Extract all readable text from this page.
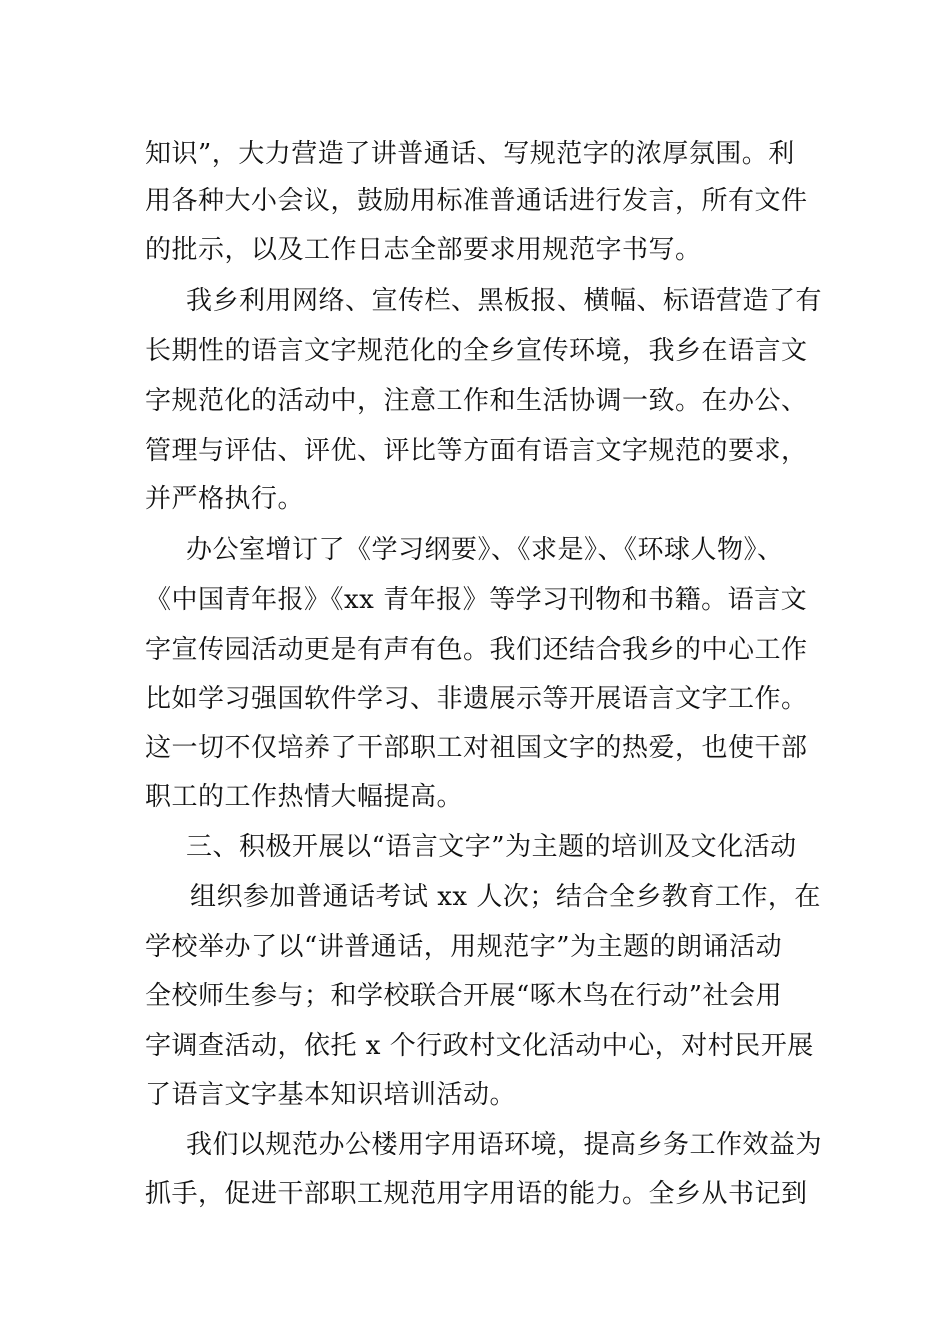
知识”，大力营造了讲普通话、写规范字的浓厚氛围。利
用各种大小会议，鼓励用标准普通话进行发言，所有文件
的批示，以及工作日志全部要求用规范字书写。
我乡利用网络、宣传栏、黑板报、横幅、标语营造了有
长期性的语言文字规范化的全乡宣传环境，我乡在语言文
字规范化的活动中，注意工作和生活协调一致。在办公、
管理与评估、评优、评比等方面有语言文字规范的要求，
并严格执行。
办公室增订了《学习纲要》、《求是》、《环球人物》、
《中国青年报》《xx 青年报》等学习刊物和书籍。语言文
字宣传园活动更是有声有色。我们还结合我乡的中心工作
比如学习强国软件学习、非遗展示等开展语言文字工作。
这一切不仅培养了干部职工对祖国文字的热爱，也使干部
职工的工作热情大幅提高。
三、积极开展以“语言文字”为主题的培训及文化活动
组织参加普通话考试 xx 人次；结合全乡教育工作，在
学校举办了以“讲普通话，用规范字”为主题的朗诵活动
全校师生参与；和学校联合开展“啄木鸟在行动”社会用
字调查活动，依托 x 个行政村文化活动中心，对村民开展
了语言文字基本知识培训活动。
我们以规范办公楼用字用语环境，提高乡务工作效益为
抓手，促进干部职工规范用字用语的能力。全乡从书记到
